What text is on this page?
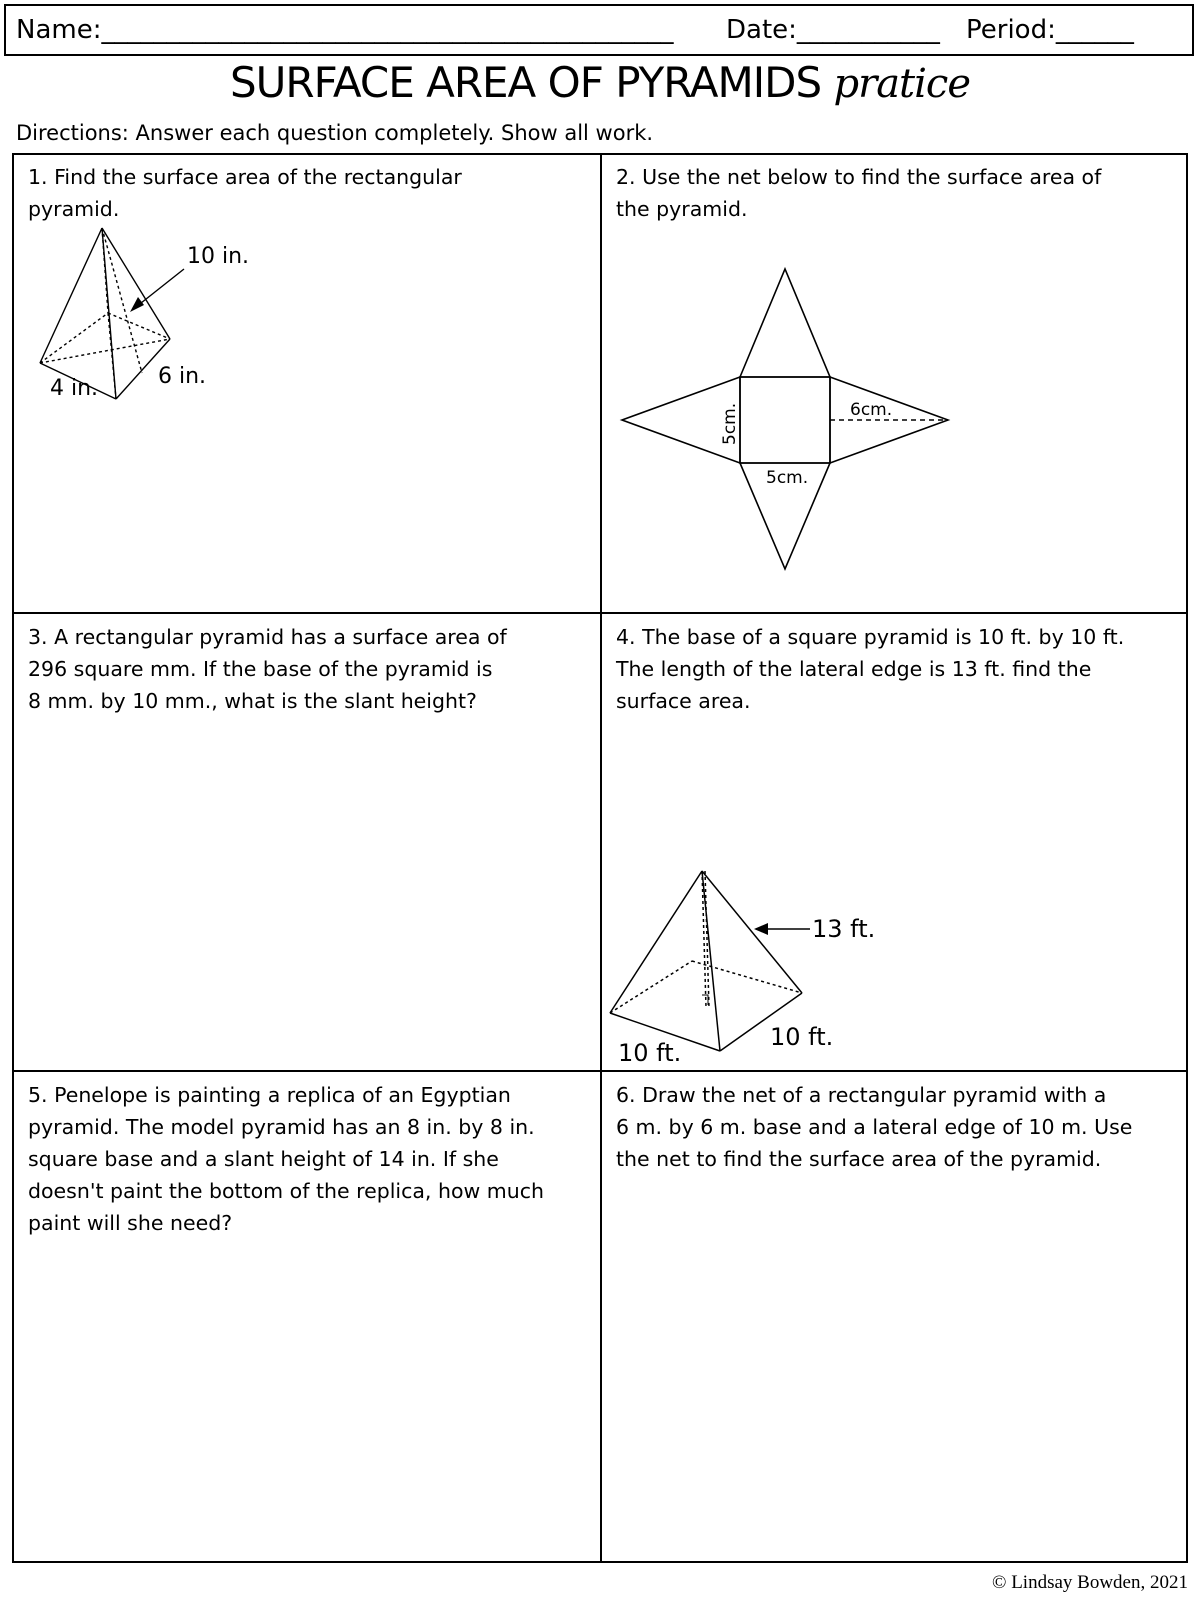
Name:____________________________________________ Date:___________ Period:______
SURFACE AREA OF PYRAMIDS pratice
Directions: Answer each question completely. Show all work.
1. Find the surface area of the rectangular
pyramid.
10 in.
4 in.	6 in.
2. Use the net below to find the surface area of
the pyramid.
6cm.
5cm.
5cm.
3. A rectangular pyramid has a surface area of
296 square mm. If the base of the pyramid is
8 mm. by 10 mm., what is the slant height?
4. The base of a square pyramid is 10 ft. by 10 ft.
The length of the lateral edge is 13 ft. find the
surface area.
13 ft.
10 ft.
10 ft.
5. Penelope is painting a replica of an Egyptian
pyramid. The model pyramid has an 8 in. by 8 in.
square base and a slant height of 14 in. If she
doesn't paint the bottom of the replica, how much
paint will she need?
6. Draw the net of a rectangular pyramid with a
6 m. by 6 m. base and a lateral edge of 10 m. Use
the net to find the surface area of the pyramid.
© Lindsay Bowden, 2021
